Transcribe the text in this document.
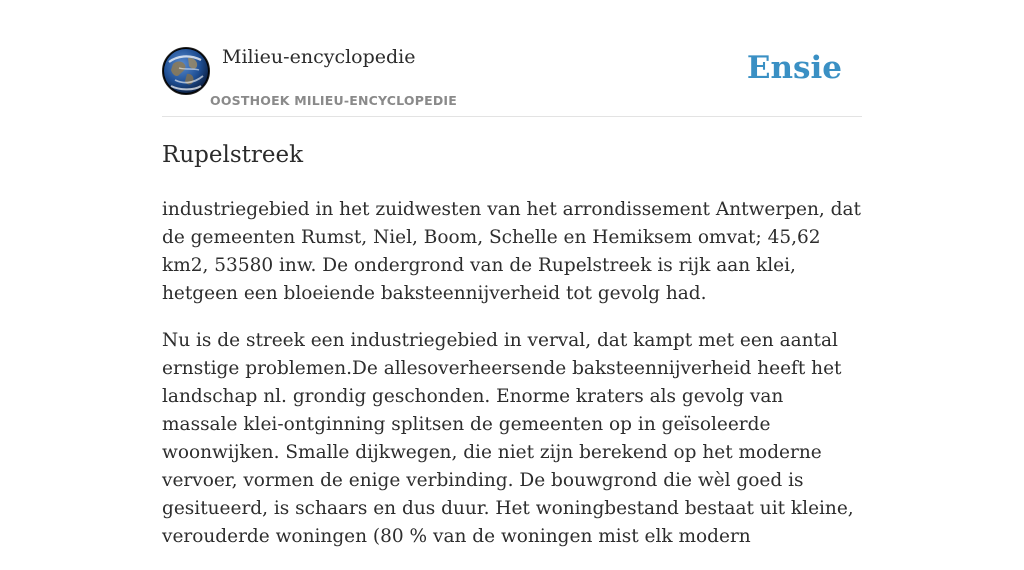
Milieu-encyclopedie
OOSTHOEK MILIEU-ENCYCLOPEDIE
Ensie
Rupelstreek

industriegebied in het zuidwesten van het arrondissement Antwerpen, dat de gemeenten Rumst, Niel, Boom, Schelle en Hemiksem omvat; 45,62 km2, 53580 inw. De ondergrond van de Rupelstreek is rijk aan klei, hetgeen een bloeiende baksteennijverheid tot gevolg had.

Nu is de streek een industriegebied in verval, dat kampt met een aantal ernstige problemen.De allesoverheersende baksteennijverheid heeft het landschap nl. grondig geschonden. Enorme kraters als gevolg van massale klei-ontginning splitsen de gemeenten op in geïsoleerde woonwijken. Smalle dijkwegen, die niet zijn berekend op het moderne vervoer, vormen de enige verbinding. De bouwgrond die wèl goed is gesitueerd, is schaars en dus duur. Het woningbestand bestaat uit kleine, verouderde woningen (80 % van de woningen mist elk modern
